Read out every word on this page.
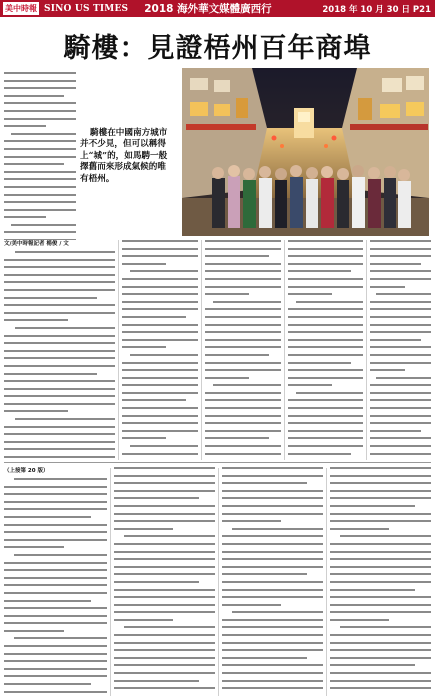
美中時報 SINO US TIMES 2018 海外華文媒體廣西行	2018 年 10 月 30 日 P21
騎樓：見證梧州百年商埠
騎樓在中國南方城市并不少見，但可以稱得上“城”的，如馬騁一般擇舊而來形成氣候的唯有梧州。
文/美中時報記者 楊俊 / 文
（上接第 20 版）
